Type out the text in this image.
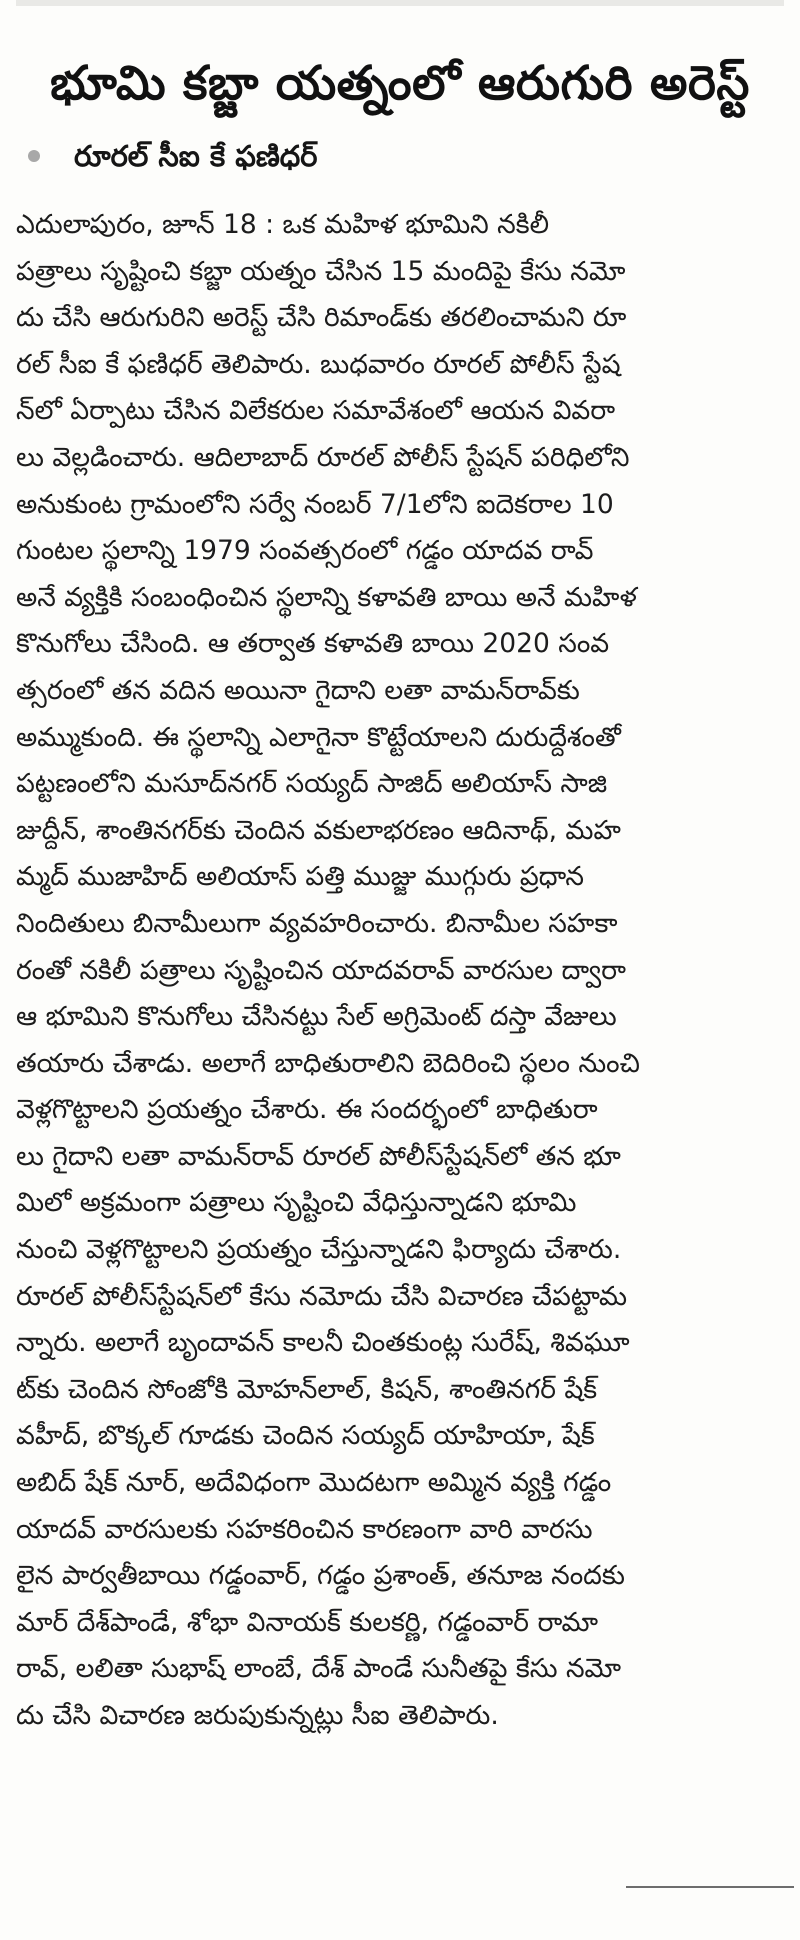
భూమి కబ్జా యత్నంలో ఆరుగురి అరెస్ట్
రూరల్ సీఐ కే ఫణిధర్
ఎదులాపురం, జూన్ 18 : ఒక మహిళ భూమిని నకిలీ
పత్రాలు సృష్టించి కబ్జా యత్నం చేసిన 15 మందిపై కేసు నమో
దు చేసి ఆరుగురిని అరెస్ట్ చేసి రిమాండ్‌కు తరలించామని రూ
రల్ సీఐ కే ఫణిధర్ తెలిపారు. బుధవారం రూరల్ పోలీస్ స్టేష
న్‌లో ఏర్పాటు చేసిన విలేకరుల సమావేశంలో ఆయన వివరా
లు వెల్లడించారు. ఆదిలాబాద్ రూరల్ పోలీస్ స్టేషన్ పరిధిలోని
అనుకుంట గ్రామంలోని సర్వే నంబర్ 7/1లోని ఐదెకరాల 10
గుంటల స్థలాన్ని 1979 సంవత్సరంలో గడ్డం యాదవ రావ్
అనే వ్యక్తికి సంబంధించిన స్థలాన్ని కళావతి బాయి అనే మహిళ
కొనుగోలు చేసింది. ఆ తర్వాత కళావతి బాయి 2020 సంవ
త్సరంలో తన వదిన అయినా గైదాని లతా వామన్‌రావ్‌కు
అమ్ముకుంది. ఈ స్థలాన్ని ఎలాగైనా కొట్టేయాలని దురుద్దేశంతో
పట్టణంలోని మసూద్‌నగర్ సయ్యద్ సాజిద్ అలియాస్ సాజి
జుద్దీన్, శాంతినగర్‌కు చెందిన వకులాభరణం ఆదినాథ్, మహ
మ్మద్ ముజాహిద్ అలియాస్ పత్తి ముజ్జు ముగ్గురు ప్రధాన
నిందితులు బినామీలుగా వ్యవహరించారు. బినామీల సహకా
రంతో నకిలీ పత్రాలు సృష్టించిన యాదవరావ్ వారసుల ద్వారా
ఆ భూమిని కొనుగోలు చేసినట్టు సేల్ అగ్రిమెంట్ దస్తా వేజులు
తయారు చేశాడు. అలాగే బాధితురాలిని బెదిరించి స్థలం నుంచి
వెళ్లగొట్టాలని ప్రయత్నం చేశారు. ఈ సందర్భంలో బాధితురా
లు గైదాని లతా వామన్‌రావ్ రూరల్ పోలీస్‌స్టేషన్‌లో తన భూ
మిలో అక్రమంగా పత్రాలు సృష్టించి వేధిస్తున్నాడని భూమి
నుంచి వెళ్లగొట్టాలని ప్రయత్నం చేస్తున్నాడని ఫిర్యాదు చేశారు.
రూరల్ పోలీస్‌స్టేషన్‌లో కేసు నమోదు చేసి విచారణ చేపట్టామ
న్నారు. అలాగే బృందావన్ కాలనీ చింతకుంట్ల సురేష్, శివఘూ
ట్‌కు చెందిన సోంజోకి మోహన్‌లాల్, కిషన్, శాంతినగర్ షేక్
వహీద్, బొక్కల్ గూడకు చెందిన సయ్యద్ యాహియా, షేక్
అబిద్ షేక్ నూర్, అదేవిధంగా మొదటగా అమ్మిన వ్యక్తి గడ్డం
యాదవ్ వారసులకు సహకరించిన కారణంగా వారి వారసు
లైన పార్వతీబాయి గడ్డంవార్, గడ్డం ప్రశాంత్, తనూజ నందకు
మార్ దేశ్‌పాండే, శోభా వినాయక్ కులకర్ణి, గడ్డంవార్ రామా
రావ్, లలితా సుభాష్ లాంబే, దేశ్ పాండే సునీతపై కేసు నమో
దు చేసి విచారణ జరుపుకున్నట్లు సీఐ తెలిపారు.
